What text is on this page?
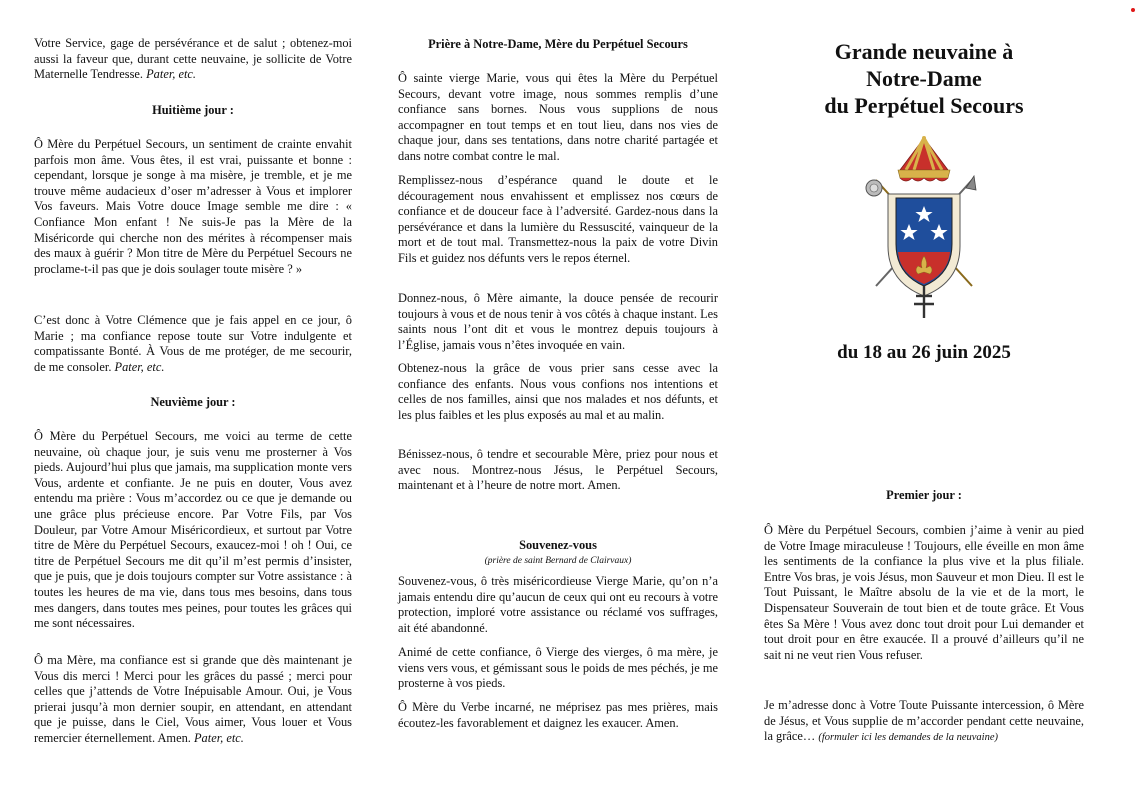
Votre Service, gage de persévérance et de salut ; obtenez-moi aussi la faveur que, durant cette neuvaine, je sollicite de Votre Maternelle Tendresse. Pater, etc.

Huitième jour :

Ô Mère du Perpétuel Secours, un sentiment de crainte envahit parfois mon âme. Vous êtes, il est vrai, puissante et bonne : cependant, lorsque je songe à ma misère, je tremble, et je me trouve même audacieux d’oser m’adresser à Vous et implorer Vos faveurs. Mais Votre douce Image semble me dire : « Confiance Mon enfant ! Ne suis-Je pas la Mère de la Miséricorde qui cherche non des mérites à récompenser mais des maux à guérir ? Mon titre de Mère du Perpétuel Secours ne proclame-t-il pas que je dois soulager toute misère ? »

C’est donc à Votre Clémence que je fais appel en ce jour, ô Marie ; ma confiance repose toute sur Votre indulgente et compatissante Bonté. À Vous de me protéger, de me secourir, de me consoler. Pater, etc.

Neuvième jour :

Ô Mère du Perpétuel Secours, me voici au terme de cette neuvaine, où chaque jour, je suis venu me prosterner à Vos pieds. Aujourd’hui plus que jamais, ma supplication monte vers Vous, ardente et confiante. Je ne puis en douter, Vous avez entendu ma prière : Vous m’accordez ou ce que je demande ou une grâce plus précieuse encore. Par Votre Fils, par Vos Douleur, par Votre Amour Miséricordieux, et surtout par Votre titre de Mère du Perpétuel Secours, exaucez-moi ! oh ! Oui, ce titre de Perpétuel Secours me dit qu’il m’est permis d’insister, que je puis, que je dois toujours compter sur Votre assistance : à toutes les heures de ma vie, dans tous mes besoins, dans tous mes dangers, dans toutes mes peines, pour toutes les grâces qui me sont nécessaires.

Ô ma Mère, ma confiance est si grande que dès maintenant je Vous dis merci ! Merci pour les grâces du passé ; merci pour celles que j’attends de Votre Inépuisable Amour. Oui, je Vous prierai jusqu’à mon dernier soupir, en attendant, en attendant que je puisse, dans le Ciel, Vous aimer, Vous louer et Vous remercier éternellement. Amen. Pater, etc.

Prière à Notre-Dame, Mère du Perpétuel Secours

Ô sainte vierge Marie, vous qui êtes la Mère du Perpétuel Secours, devant votre image, nous sommes remplis d’une confiance sans bornes. Nous vous supplions de nous accompagner en tout temps et en tout lieu, dans nos vies de chaque jour, dans ses tentations, dans notre charité partagée et dans notre combat contre le mal.

Remplissez-nous d’espérance quand le doute et le découragement nous envahissent et emplissez nos cœurs de confiance et de douceur face à l’adversité. Gardez-nous dans la persévérance et dans la lumière du Ressuscité, vainqueur de la mort et de tout mal. Transmettez-nous la paix de votre Divin Fils et guidez nos défunts vers le repos éternel.

Donnez-nous, ô Mère aimante, la douce pensée de recourir toujours à vous et de nous tenir à vos côtés à chaque instant. Les saints nous l’ont dit et vous le montrez depuis toujours à l’Église, jamais vous n’êtes invoquée en vain.

Obtenez-nous la grâce de vous prier sans cesse avec la confiance des enfants. Nous vous confions nos intentions et celles de nos familles, ainsi que nos malades et nos défunts, et les plus faibles et les plus exposés au mal et au malin.

Bénissez-nous, ô tendre et secourable Mère, priez pour nous et avec nous. Montrez-nous Jésus, le Perpétuel Secours, maintenant et à l’heure de notre mort. Amen.

Souvenez-vous

(prière de saint Bernard de Clairvaux)

Souvenez-vous, ô très miséricordieuse Vierge Marie, qu’on n’a jamais entendu dire qu’aucun de ceux qui ont eu recours à votre protection, imploré votre assistance ou réclamé vos suffrages, ait été abandonné.

Animé de cette confiance, ô Vierge des vierges, ô ma mère, je viens vers vous, et gémissant sous le poids de mes péchés, je me prosterne à vos pieds.

Ô Mère du Verbe incarné, ne méprisez pas mes prières, mais écoutez-les favorablement et daignez les exaucer. Amen.

Grande neuvaine à
Notre-Dame
du Perpétuel Secours
du 18 au 26 juin 2025

Premier jour :

Ô Mère du Perpétuel Secours, combien j’aime à venir au pied de Votre Image miraculeuse ! Toujours, elle éveille en mon âme les sentiments de la confiance la plus vive et la plus filiale. Entre Vos bras, je vois Jésus, mon Sauveur et mon Dieu. Il est le Tout Puissant, le Maître absolu de la vie et de la mort, le Dispensateur Souverain de tout bien et de toute grâce. Et Vous êtes Sa Mère ! Vous avez donc tout droit pour Lui demander et tout droit pour en être exaucée. Il a prouvé d’ailleurs qu’il ne sait ni ne veut rien Vous refuser.

Je m’adresse donc à Votre Toute Puissante intercession, ô Mère de Jésus, et Vous supplie de m’accorder pendant cette neuvaine, la grâce… (formuler ici les demandes de la neuvaine)
